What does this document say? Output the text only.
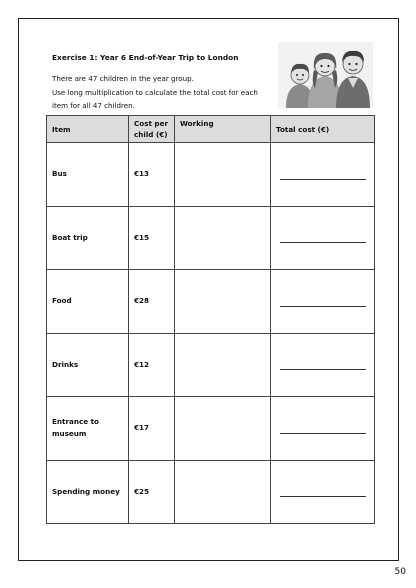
Exercise 1: Year 6 End-of-Year Trip to London
There are 47 children in the year group.
Use long multiplication to calculate the total cost for each
item for all 47 children.
Item	Cost per child (€)	Working	Total cost (€)
Bus	€13		

Boat trip	€15		

Food	€28		

Drinks	€12		

Entrance to museum	€17		

Spending money	€25		
50
